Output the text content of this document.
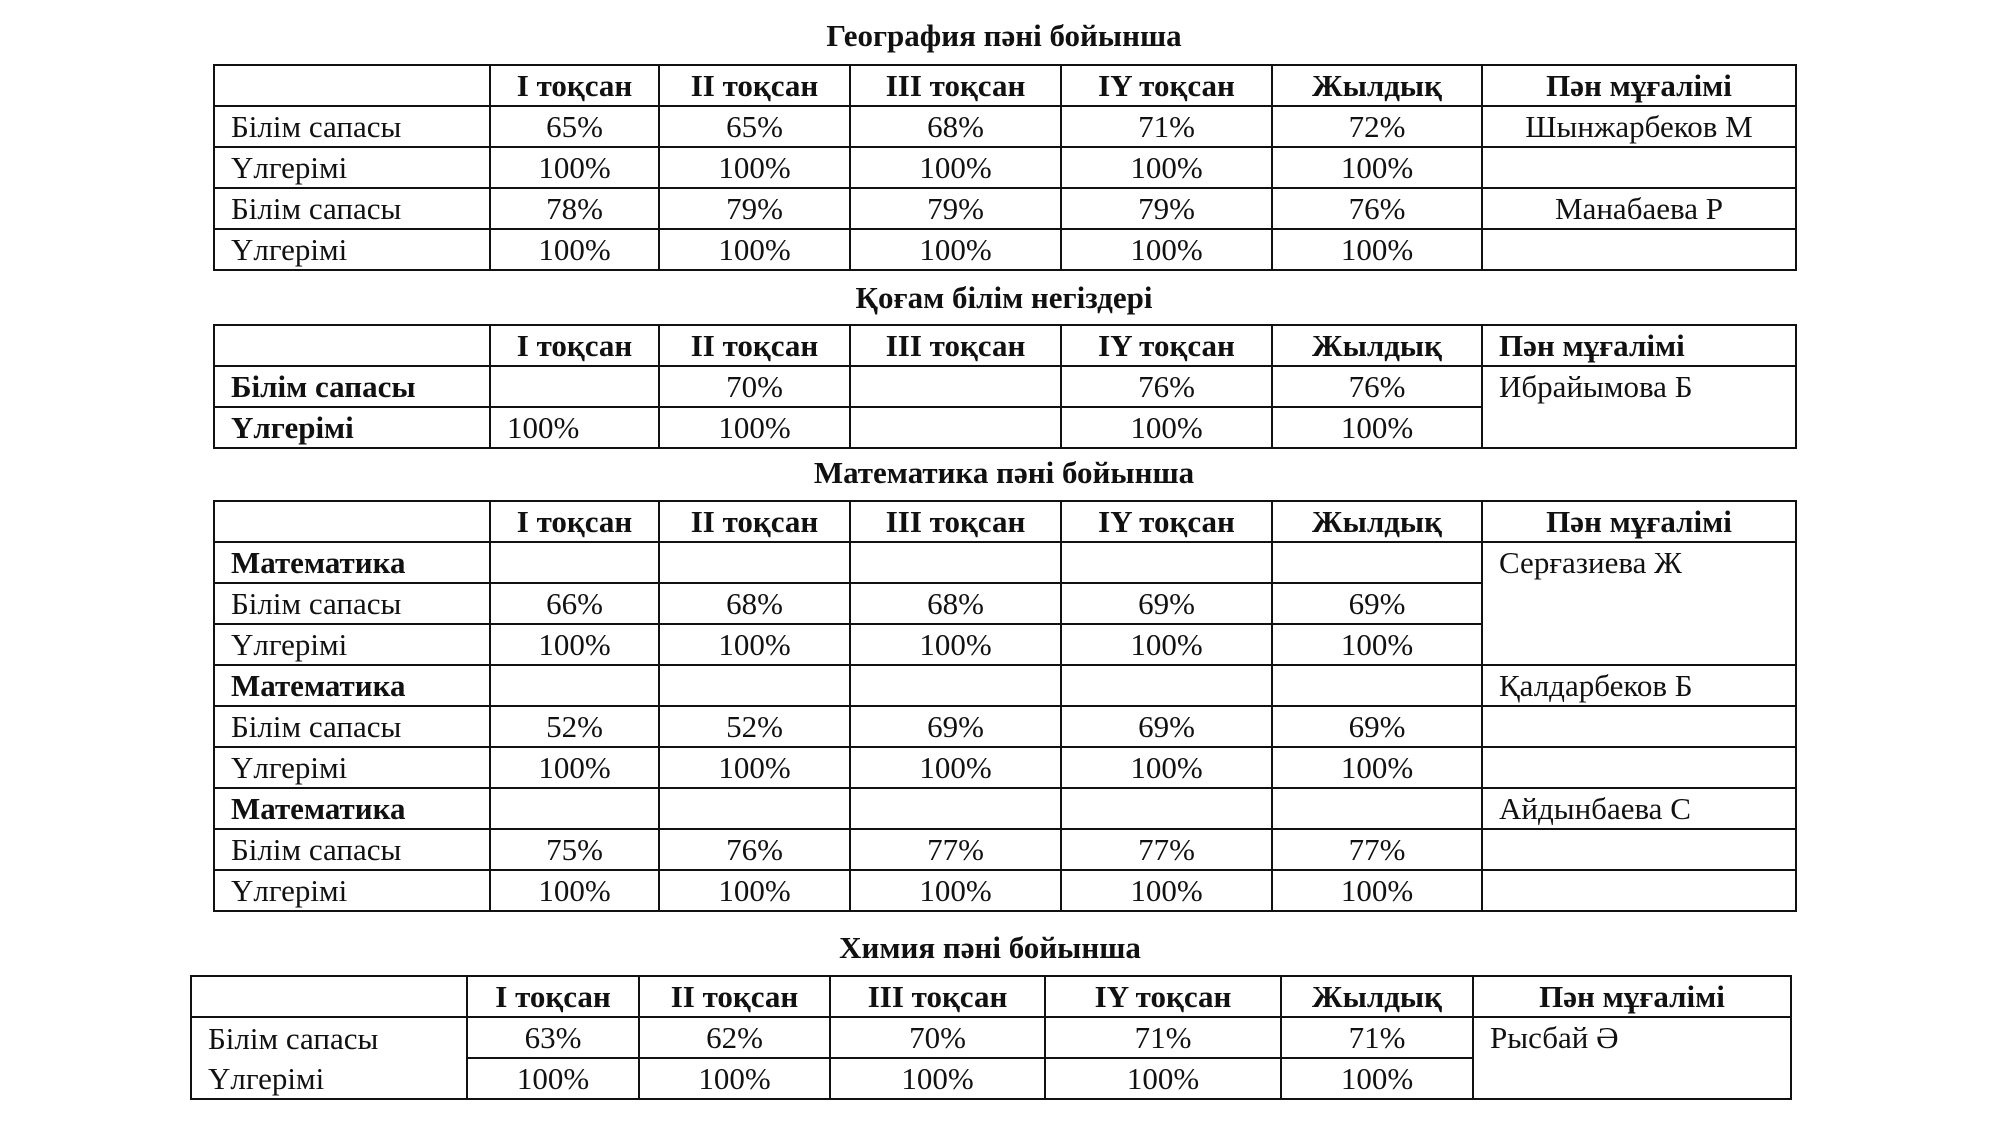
География пәні бойынша
	I тоқсан	II тоқсан	III тоқсан	IY тоқсан	Жылдық	Пән мұғалімі
Білім сапасы	65%	65%	68%	71%	72%	Шынжарбеков М
Үлгерімі	100%	100%	100%	100%	100%	
Білім сапасы	78%	79%	79%	79%	76%	Манабаева Р
Үлгерімі	100%	100%	100%	100%	100%	
Қоғам білім негіздері
	I тоқсан	II тоқсан	III тоқсан	IY тоқсан	Жылдық	Пән мұғалімі
Білім сапасы		70%		76%	76%	Ибрайымова Б
Үлгерімі	100%	100%		100%	100%	
Математика пәні бойынша
	I тоқсан	II тоқсан	III тоқсан	IY тоқсан	Жылдық	Пән мұғалімі
Математика						Серғазиева Ж
Білім сапасы	66%	68%	68%	69%	69%	
Үлгерімі	100%	100%	100%	100%	100%	
Математика						Қалдарбеков Б
Білім сапасы	52%	52%	69%	69%	69%	
Үлгерімі	100%	100%	100%	100%	100%	
Математика						Айдынбаева С
Білім сапасы	75%	76%	77%	77%	77%	
Үлгерімі	100%	100%	100%	100%	100%	
Химия пәні бойынша
	I тоқсан	II тоқсан	III тоқсан	IY тоқсан	Жылдық	Пән мұғалімі
Білім сапасы	63%	62%	70%	71%	71%	Рысбай Ә
Үлгерімі	100%	100%	100%	100%	100%	
